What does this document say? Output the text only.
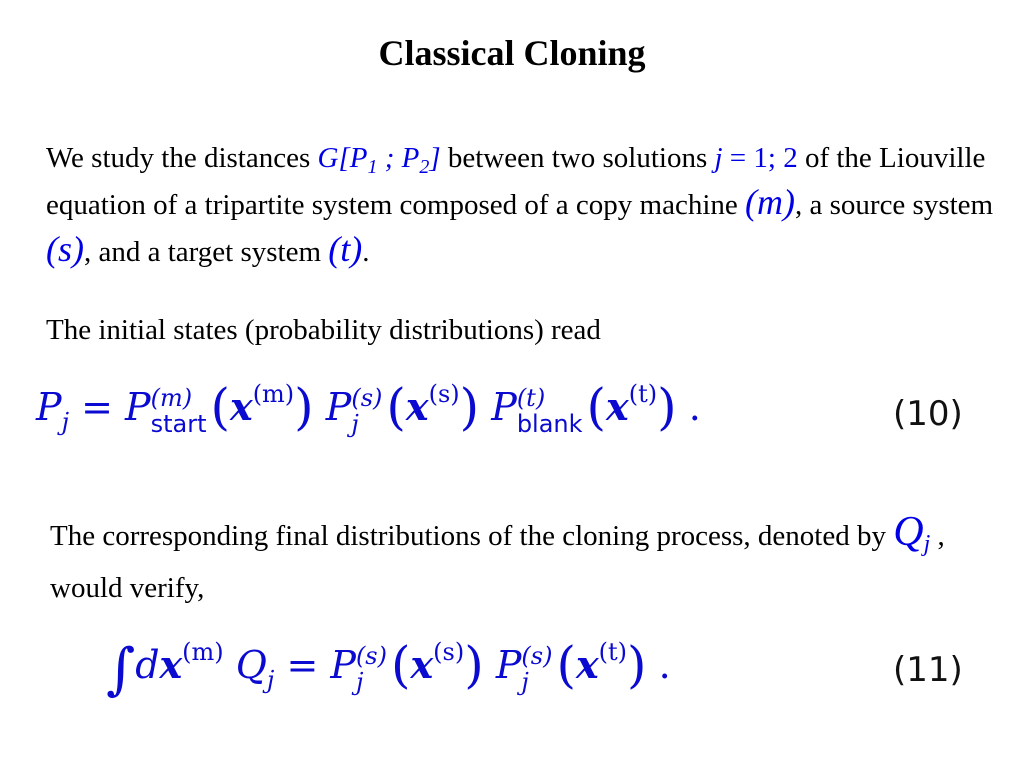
Classical Cloning
We study the distances $G[P_1$ ; $P_2$] between two solutions j = 1; 2 of the Liouville equation of a tripartite system composed of a copy machine (m), a source system (s), and a target system (t).
The initial states (probability distributions) read
$P_j = P$ (m)
start (x(m)) P (s)
j (x(s)) P (t)
blank (x(t)) .	(10)
The corresponding final distributions of the cloning process, denoted by $Q_j$ , would verify,
∫dx(m) $Q_j = P$ (s)
j (x(s)) P (s)
j (x(t)) .	(11)
